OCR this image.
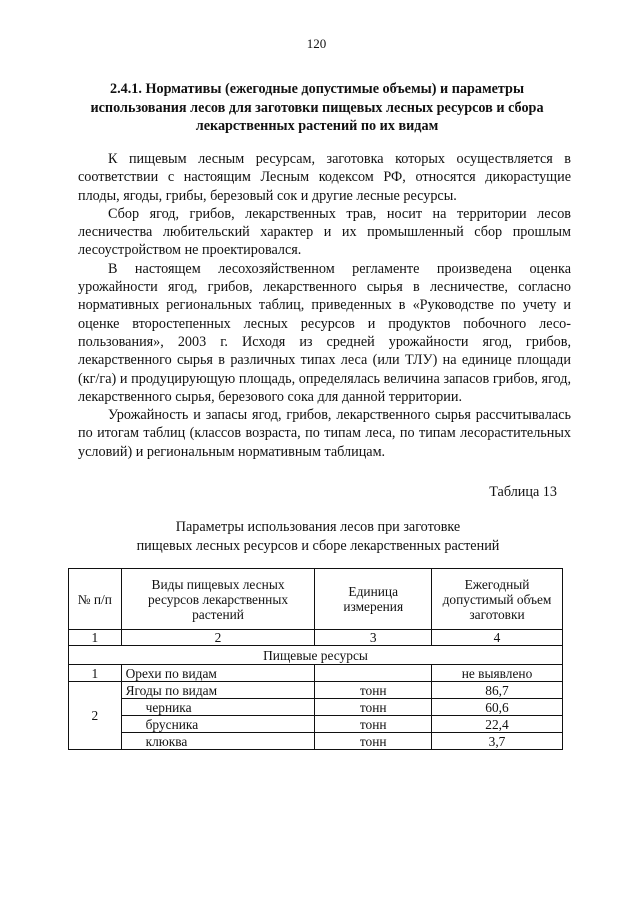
120
2.4.1. Нормативы (ежегодные допустимые объемы) и параметры использования лесов для заготовки пищевых лесных ресурсов и сбора лекарственных растений по их видам

К пищевым лесным ресурсам, заготовка которых осуществляется в соответствии с настоящим Лесным кодексом РФ, относятся дикорастущие плоды, ягоды, грибы, березовый сок и другие лесные ресурсы.

Сбор ягод, грибов, лекарственных трав, носит на территории лесов лесничества любительский характер и их промышленный сбор прошлым лесоустройством не проектировался.

В настоящем лесохозяйственном регламенте произведена оценка урожайности ягод, грибов, лекарственного сырья в лесничестве, согласно нормативных региональных таблиц, приведенных в «Руководстве по учету и оценке второстепенных лесных ресурсов и продуктов побочного лесо-пользования», 2003 г. Исходя из средней урожайности ягод, грибов, лекарственного сырья в различных типах леса (или ТЛУ) на единице площади (кг/га) и продуцирующую площадь, определялась величина запасов грибов, ягод, лекарственного сырья, березового сока для данной территории.

Урожайность и запасы ягод, грибов, лекарственного сырья рассчитывалась по итогам таблиц (классов возраста, по типам леса, по типам лесорастительных условий) и региональным нормативным таблицам.

Таблица 13
Параметры использования лесов при заготовке
пищевых лесных ресурсов и сборе лекарственных растений
№ п/п	Виды пищевых лесных ресурсов лекарственных растений	Единица измерения	Ежегодный допустимый объем заготовки
1	2	3	4
Пищевые ресурсы			
1	Орехи по видам		не выявлено
2	Ягоды по видам	тонн	86,7
	черника	тонн	60,6
	брусника	тонн	22,4
	клюква	тонн	3,7
